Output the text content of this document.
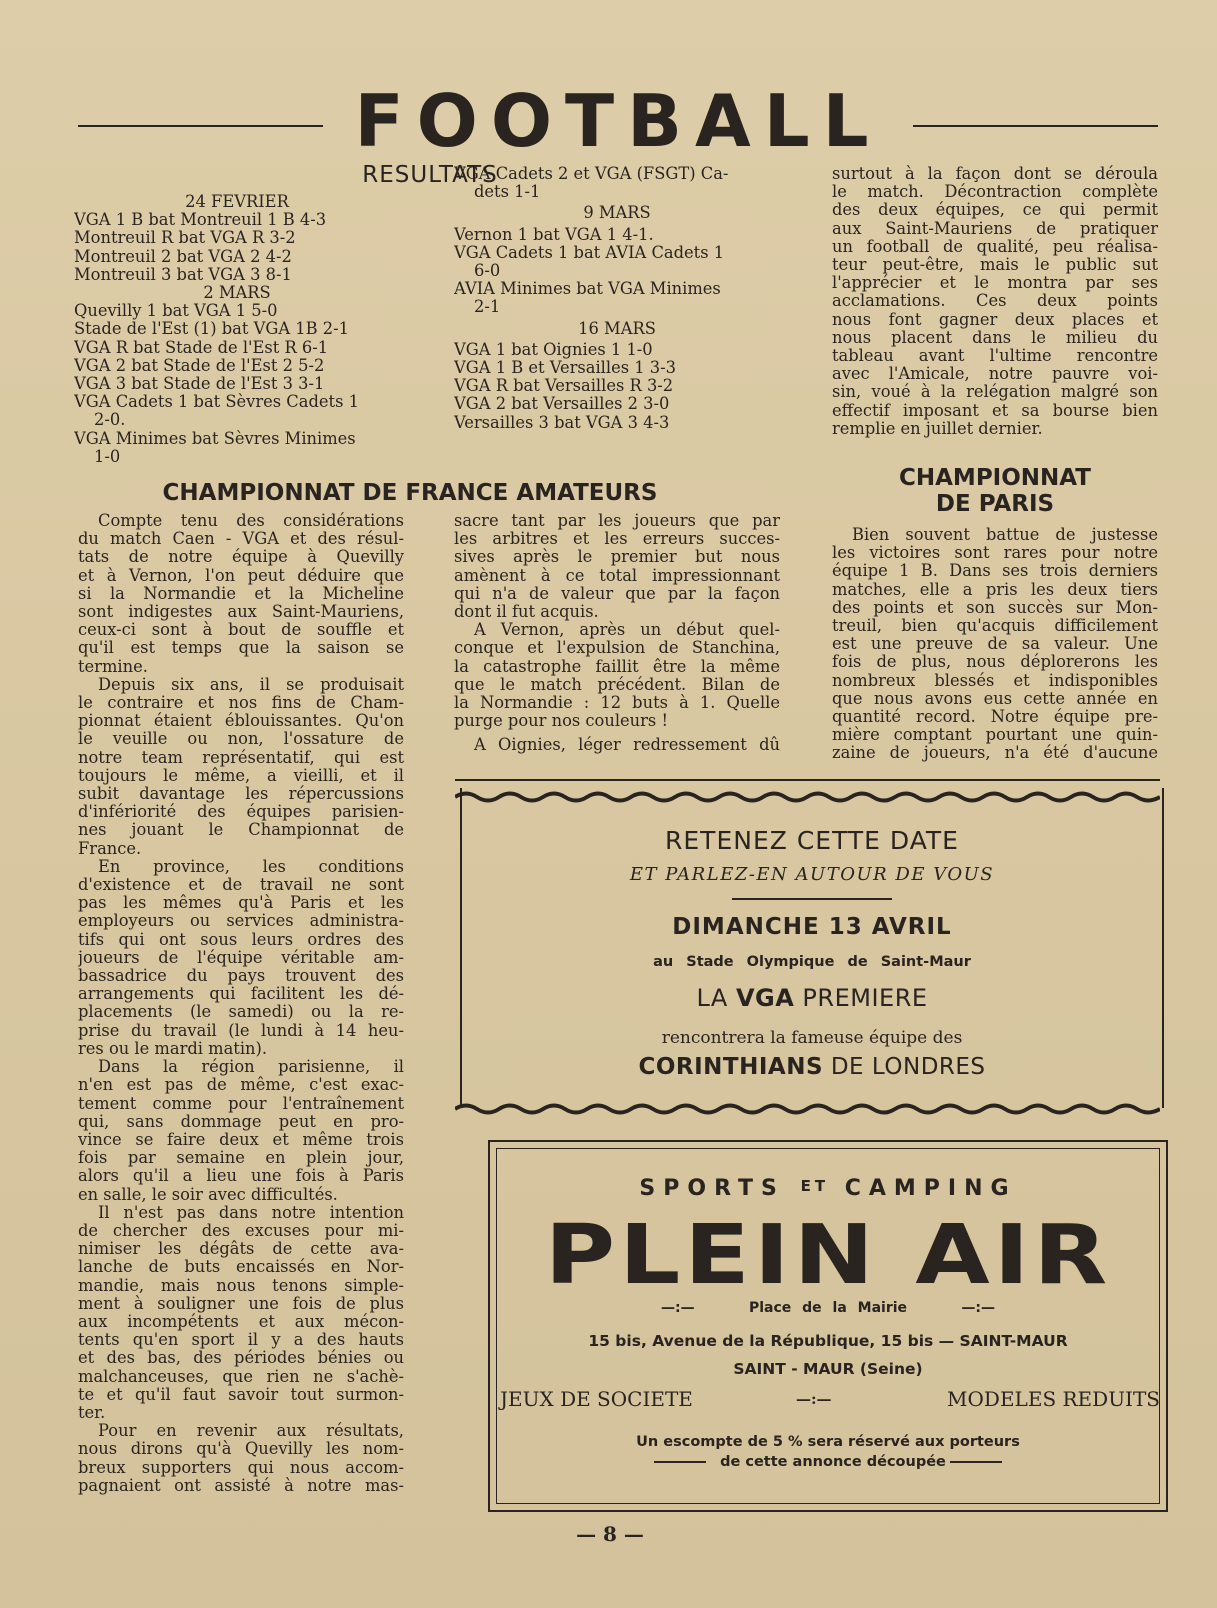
FOOTBALL
RESULTATS
24 FEVRIER
VGA 1 B bat Montreuil 1 B 4-3
Montreuil R bat VGA R 3-2
Montreuil 2 bat VGA 2 4-2
Montreuil 3 bat VGA 3 8-1
2 MARS
Quevilly 1 bat VGA 1 5-0
Stade de l'Est (1) bat VGA 1B 2-1
VGA R bat Stade de l'Est R 6-1
VGA 2 bat Stade de l'Est 2 5-2
VGA 3 bat Stade de l'Est 3 3-1
VGA Cadets 1 bat Sèvres Cadets 1
2-0.
VGA Minimes bat Sèvres Minimes
1-0
VGA Cadets 2 et VGA (FSGT) Ca-
dets 1-1
9 MARS
Vernon 1 bat VGA 1 4-1.
VGA Cadets 1 bat AVIA Cadets 1
6-0
AVIA Minimes bat VGA Minimes
2-1
16 MARS
VGA 1 bat Oignies 1 1-0
VGA 1 B et Versailles 1 3-3
VGA R bat Versailles R 3-2
VGA 2 bat Versailles 2 3-0
Versailles 3 bat VGA 3 4-3
surtout à la façon dont se déroula
le match. Décontraction complète
des deux équipes, ce qui permit
aux Saint-Mauriens de pratiquer
un football de qualité, peu réalisa-
teur peut-être, mais le public sut
l'apprécier et le montra par ses
acclamations. Ces deux points
nous font gagner deux places et
nous placent dans le milieu du
tableau avant l'ultime rencontre
avec l'Amicale, notre pauvre voi-
sin, voué à la relégation malgré son
effectif imposant et sa bourse bien
remplie en juillet dernier.
CHAMPIONNAT DE FRANCE AMATEURS
Compte tenu des considérations
du match Caen - VGA et des résul-
tats de notre équipe à Quevilly
et à Vernon, l'on peut déduire que
si la Normandie et la Micheline
sont indigestes aux Saint-Mauriens,
ceux-ci sont à bout de souffle et
qu'il est temps que la saison se
termine.
Depuis six ans, il se produisait
le contraire et nos fins de Cham-
pionnat étaient éblouissantes. Qu'on
le veuille ou non, l'ossature de
notre team représentatif, qui est
toujours le même, a vieilli, et il
subit davantage les répercussions
d'infériorité des équipes parisien-
nes jouant le Championnat de
France.
En province, les conditions
d'existence et de travail ne sont
pas les mêmes qu'à Paris et les
employeurs ou services administra-
tifs qui ont sous leurs ordres des
joueurs de l'équipe véritable am-
bassadrice du pays trouvent des
arrangements qui facilitent les dé-
placements (le samedi) ou la re-
prise du travail (le lundi à 14 heu-
res ou le mardi matin).
Dans la région parisienne, il
n'en est pas de même, c'est exac-
tement comme pour l'entraînement
qui, sans dommage peut en pro-
vince se faire deux et même trois
fois par semaine en plein jour,
alors qu'il a lieu une fois à Paris
en salle, le soir avec difficultés.
Il n'est pas dans notre intention
de chercher des excuses pour mi-
nimiser les dégâts de cette ava-
lanche de buts encaissés en Nor-
mandie, mais nous tenons simple-
ment à souligner une fois de plus
aux incompétents et aux mécon-
tents qu'en sport il y a des hauts
et des bas, des périodes bénies ou
malchanceuses, que rien ne s'achè-
te et qu'il faut savoir tout surmon-
ter.
Pour en revenir aux résultats,
nous dirons qu'à Quevilly les nom-
breux supporters qui nous accom-
pagnaient ont assisté à notre mas-
sacre tant par les joueurs que par
les arbitres et les erreurs succes-
sives après le premier but nous
amènent à ce total impressionnant
qui n'a de valeur que par la façon
dont il fut acquis.
A Vernon, après un début quel-
conque et l'expulsion de Stanchina,
la catastrophe faillit être la même
que le match précédent. Bilan de
la Normandie : 12 buts à 1. Quelle
purge pour nos couleurs !
A Oignies, léger redressement dû
CHAMPIONNAT
DE PARIS
Bien souvent battue de justesse
les victoires sont rares pour notre
équipe 1 B. Dans ses trois derniers
matches, elle a pris les deux tiers
des points et son succès sur Mon-
treuil, bien qu'acquis difficilement
est une preuve de sa valeur. Une
fois de plus, nous déplorerons les
nombreux blessés et indisponibles
que nous avons eus cette année en
quantité record. Notre équipe pre-
mière comptant pourtant une quin-
zaine de joueurs, n'a été d'aucune
RETENEZ CETTE DATE
ET PARLEZ-EN AUTOUR DE VOUS
DIMANCHE 13 AVRIL
au Stade Olympique de Saint-Maur
LA VGA PREMIERE
rencontrera la fameuse équipe des
CORINTHIANS DE LONDRES
SPORTS ET CAMPING
PLEIN AIR
—:—	Place de la Mairie	—:—
15 bis, Avenue de la République, 15 bis — SAINT-MAUR
SAINT - MAUR (Seine)
JEUX DE SOCIETE	—:—	MODELES REDUITS
Un escompte de 5 % sera réservé aux porteurs
de cette annonce découpée
— 8 —
